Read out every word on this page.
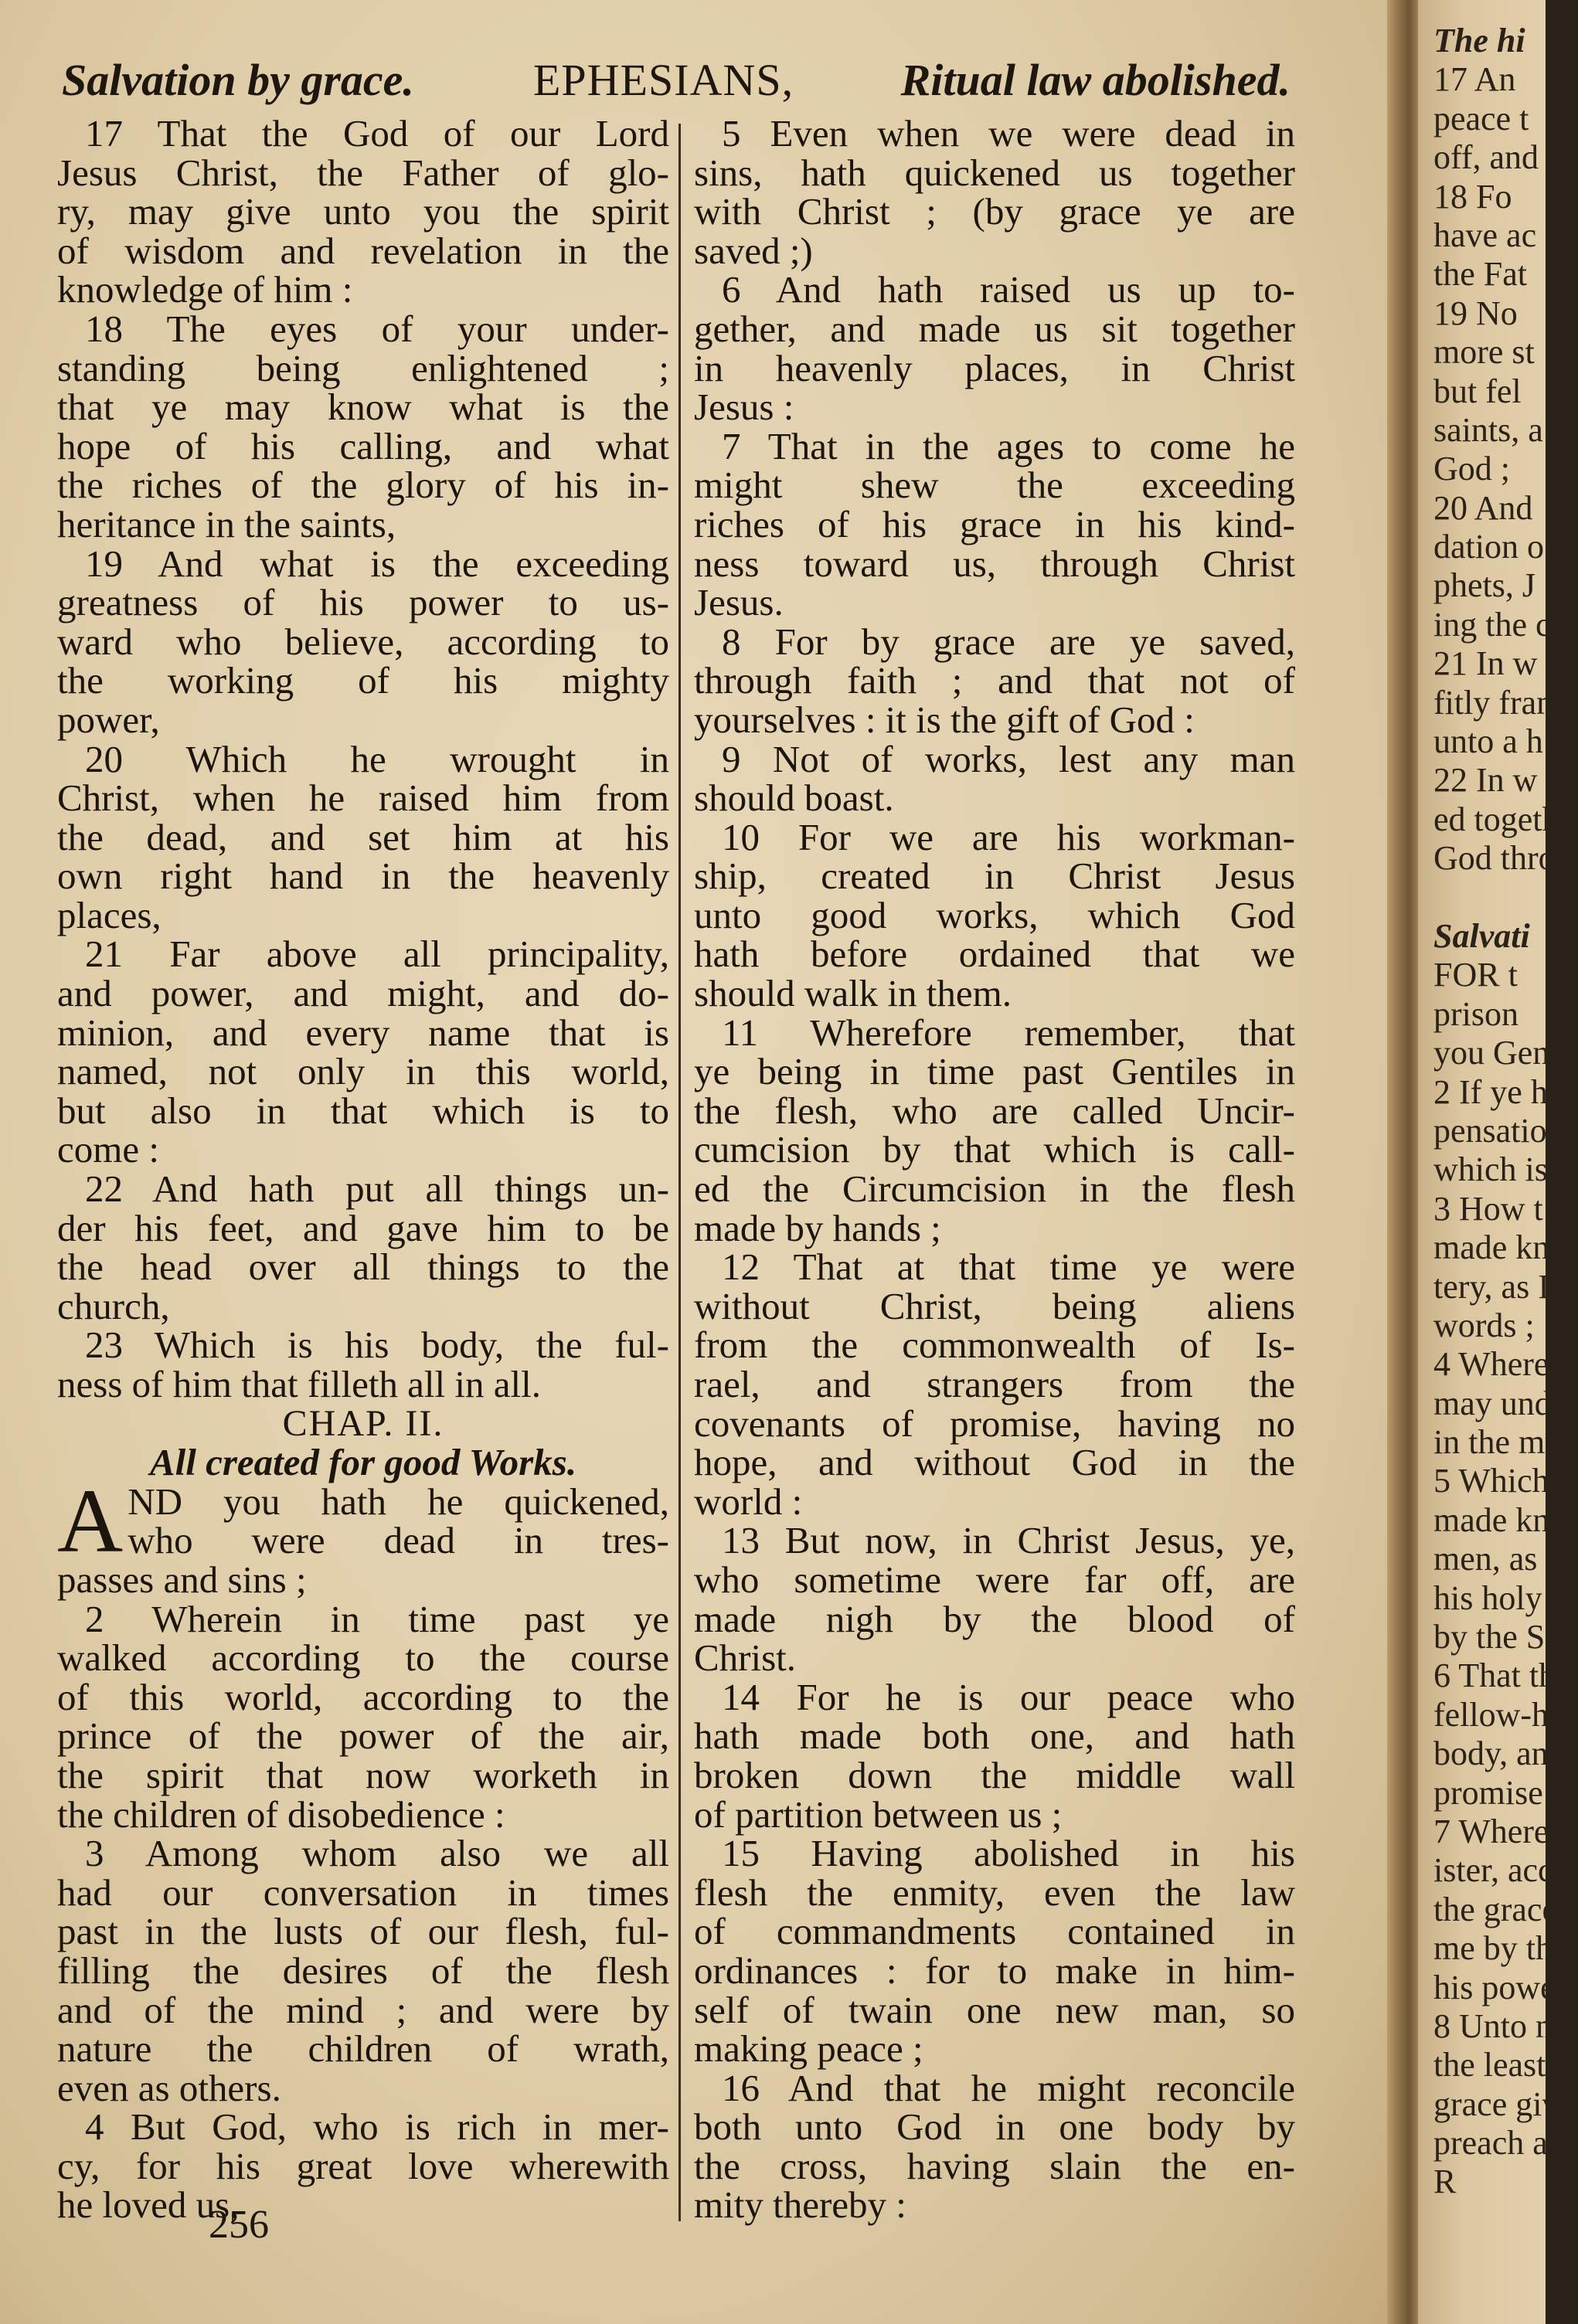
Salvation by grace.	EPHESIANS, Ritual law abolished.
17 That the God of our Lord
Jesus Christ, the Father of glo-
ry, may give unto you the spirit
of wisdom and revelation in the
knowledge of him :
18 The eyes of your under-
standing being enlightened ;
that ye may know what is the
hope of his calling, and what
the riches of the glory of his in-
heritance in the saints,
19 And what is the exceeding
greatness of his power to us-
ward who believe, according to
the working of his mighty
power,
20 Which he wrought in
Christ, when he raised him from
the dead, and set him at his
own right hand in the heavenly
places,
21 Far above all principality,
and power, and might, and do-
minion, and every name that is
named, not only in this world,
but also in that which is to
come :
22 And hath put all things un-
der his feet, and gave him to be
the head over all things to the
church,
23 Which is his body, the ful-
ness of him that filleth all in all.
CHAP. II.
All created for good Works.
A ND you hath he quickened,
who were dead in tres-
passes and sins ;
2 Wherein in time past ye
walked according to the course
of this world, according to the
prince of the power of the air,
the spirit that now worketh in
the children of disobedience :
3 Among whom also we all
had our conversation in times
past in the lusts of our flesh, ful-
filling the desires of the flesh
and of the mind ; and were by
nature the children of wrath,
even as others.
4 But God, who is rich in mer-
cy, for his great love wherewith
he loved us,
5 Even when we were dead in
sins, hath quickened us together
with Christ ; (by grace ye are
saved ;)
6 And hath raised us up to-
gether, and made us sit together
in heavenly places, in Christ
Jesus :
7 That in the ages to come he
might shew the exceeding
riches of his grace in his kind-
ness toward us, through Christ
Jesus.
8 For by grace are ye saved,
through faith ; and that not of
yourselves : it is the gift of God :
9 Not of works, lest any man
should boast.
10 For we are his workman-
ship, created in Christ Jesus
unto good works, which God
hath before ordained that we
should walk in them.
11 Wherefore remember, that
ye being in time past Gentiles in
the flesh, who are called Uncir-
cumcision by that which is call-
ed the Circumcision in the flesh
made by hands ;
12 That at that time ye were
without Christ, being aliens
from the commonwealth of Is-
rael, and strangers from the
covenants of promise, having no
hope, and without God in the
world :
13 But now, in Christ Jesus, ye,
who sometime were far off, are
made nigh by the blood of
Christ.
14 For he is our peace who
hath made both one, and hath
broken down the middle wall
of partition between us ;
15 Having abolished in his
flesh the enmity, even the law
of commandments contained in
ordinances : for to make in him-
self of twain one new man, so
making peace ;
16 And that he might reconcile
both unto God in one body by
the cross, having slain the en-
mity thereby :
256
The hi
17 An
peace t
off, and
18 Fo
have ac
the Fat
19 No
more st
but fel
saints, a
God ;
20 And
dation o
phets, J
ing the c
21 In w
fitly fram
unto a h
22 In w
ed togeth
God thro
Salvati
FOR t
prison
you Gent
2 If ye h
pensation
which is g
3 How t
made kno
tery, as I
words ;
4 Where
may unde
in the mys
5 Which
made kno
men, as it
his holy a
by the Sp
6 That th
fellow-hei
body, an
promise in
7 Where
ister, acc
the grace
me by the
his power.
8 Unto m
the least
grace giv
preach am
R
